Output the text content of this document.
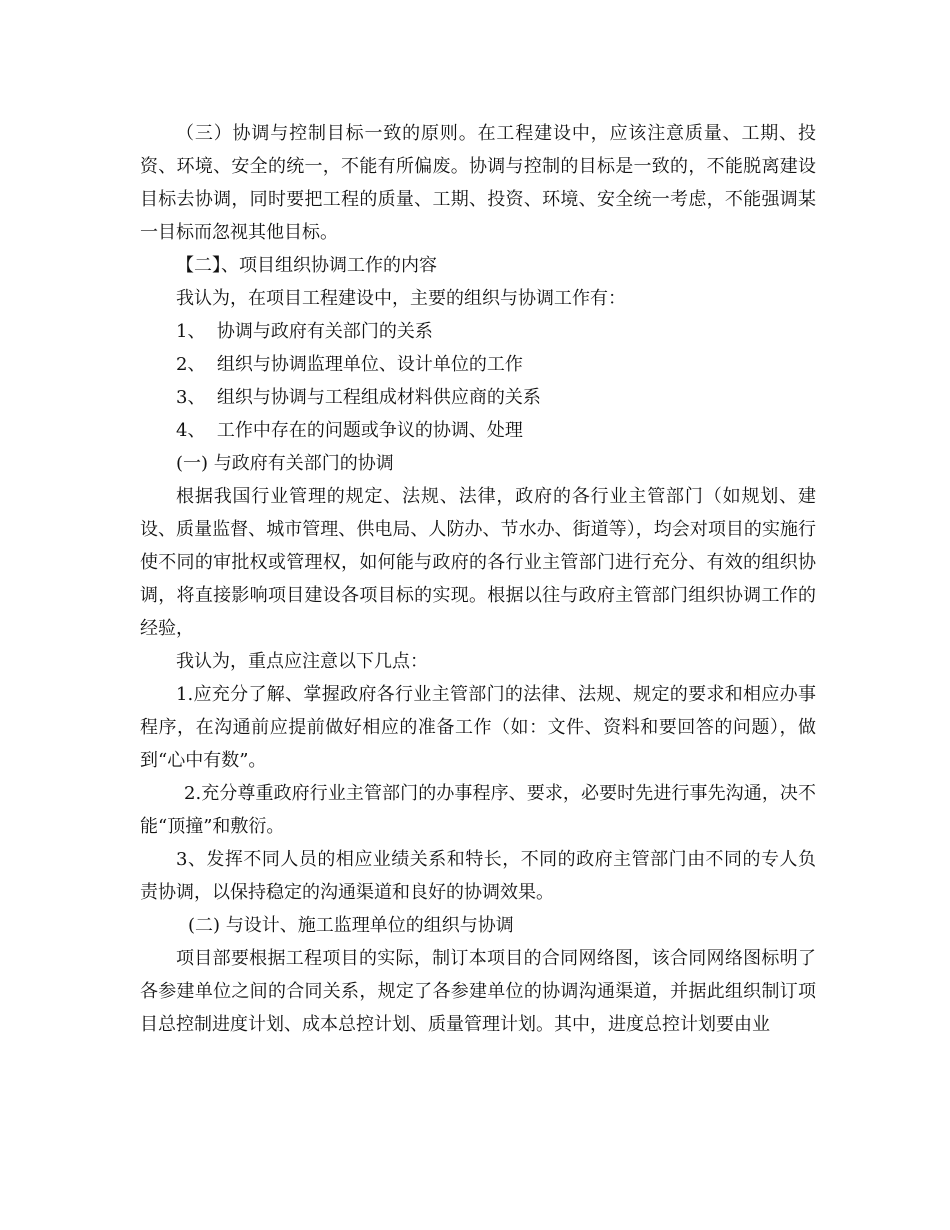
（三）协调与控制目标一致的原则。在工程建设中，应该注意质量、工期、投资、环境、安全的统一，不能有所偏废。协调与控制的目标是一致的，不能脱离建设目标去协调，同时要把工程的质量、工期、投资、环境、安全统一考虑，不能强调某一目标而忽视其他目标。

【二】、项目组织协调工作的内容

我认为，在项目工程建设中，主要的组织与协调工作有：

1、  协调与政府有关部门的关系

2、  组织与协调监理单位、设计单位的工作

3、  组织与协调与工程组成材料供应商的关系

4、  工作中存在的问题或争议的协调、处理

(一) 与政府有关部门的协调

根据我国行业管理的规定、法规、法律，政府的各行业主管部门（如规划、建设、质量监督、城市管理、供电局、人防办、节水办、街道等），均会对项目的实施行使不同的审批权或管理权，如何能与政府的各行业主管部门进行充分、有效的组织协调，将直接影响项目建设各项目标的实现。根据以往与政府主管部门组织协调工作的经验，

我认为，重点应注意以下几点：

1.应充分了解、掌握政府各行业主管部门的法律、法规、规定的要求和相应办事程序，在沟通前应提前做好相应的准备工作（如：文件、资料和要回答的问题），做到“心中有数”。

2.充分尊重政府行业主管部门的办事程序、要求，必要时先进行事先沟通，决不能“顶撞”和敷衍。

3、发挥不同人员的相应业绩关系和特长，不同的政府主管部门由不同的专人负责协调，以保持稳定的沟通渠道和良好的协调效果。

(二) 与设计、施工监理单位的组织与协调

项目部要根据工程项目的实际，制订本项目的合同网络图，该合同网络图标明了各参建单位之间的合同关系，规定了各参建单位的协调沟通渠道，并据此组织制订项目总控制进度计划、成本总控计划、质量管理计划。其中，进度总控计划要由业
